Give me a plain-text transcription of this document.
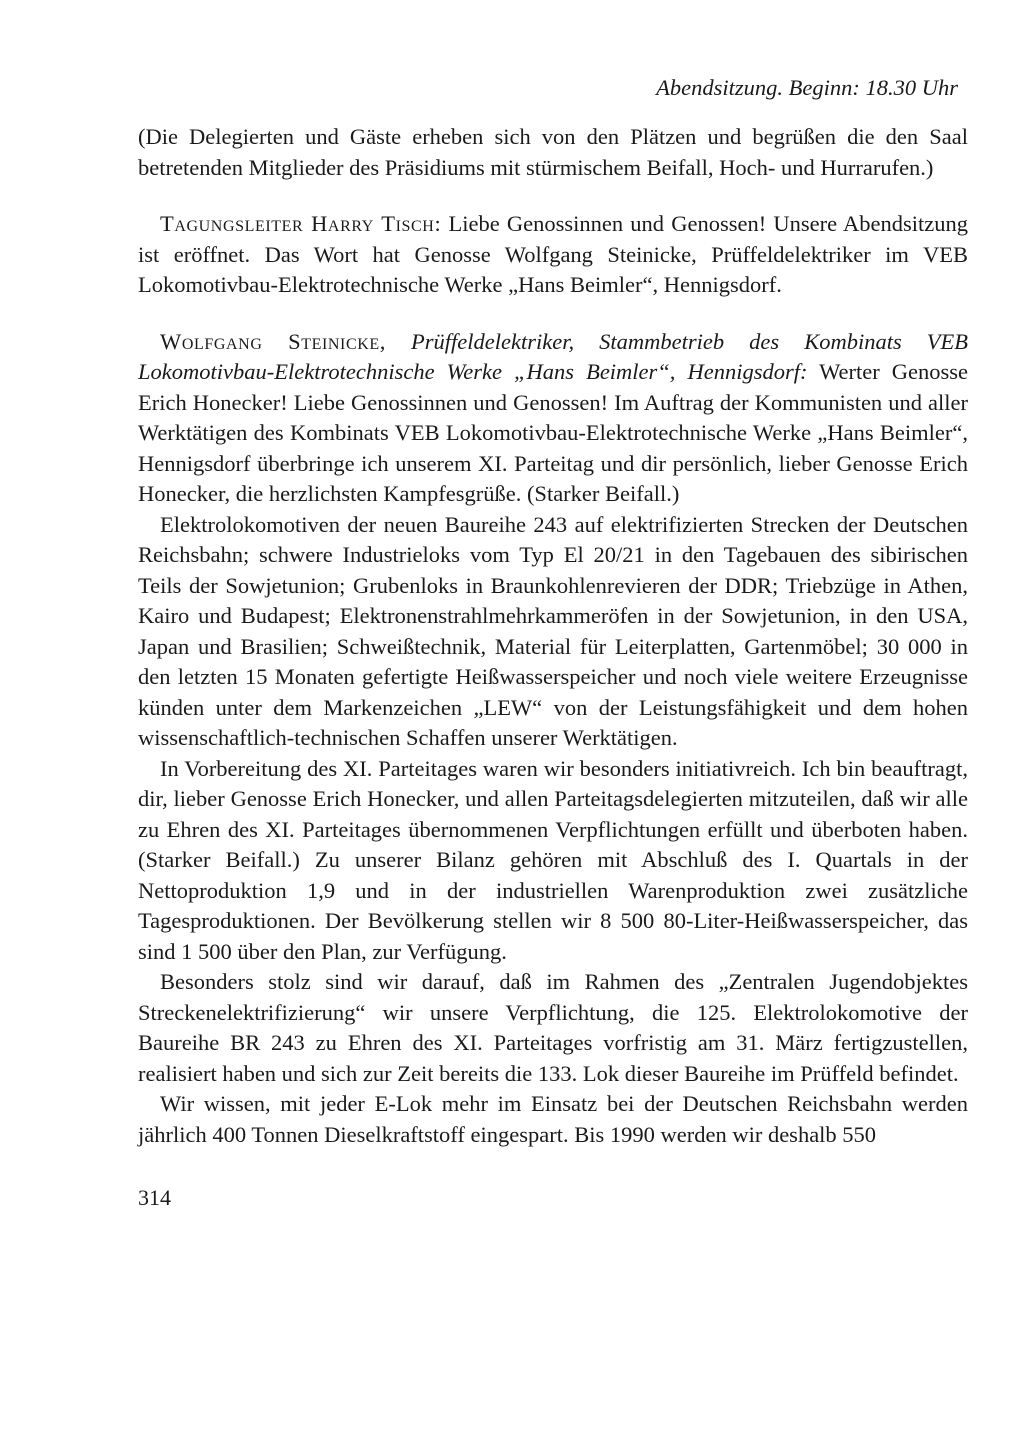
Abendsitzung. Beginn: 18.30 Uhr

(Die Delegierten und Gäste erheben sich von den Plätzen und begrüßen die den Saal betretenden Mitglieder des Präsidiums mit stürmischem Beifall, Hoch- und Hurrarufen.)

Tagungsleiter Harry Tisch: Liebe Genossinnen und Genossen! Unsere Abendsitzung ist eröffnet. Das Wort hat Genosse Wolfgang Steinicke, Prüffeldelektriker im VEB Lokomotivbau-Elektrotechnische Werke „Hans Beimler“, Hennigsdorf.

Wolfgang Steinicke, Prüffeldelektriker, Stammbetrieb des Kombinats VEB Lokomotivbau-Elektrotechnische Werke „Hans Beimler“, Hennigsdorf: Werter Genosse Erich Honecker! Liebe Genossinnen und Genossen! Im Auftrag der Kommunisten und aller Werktätigen des Kombinats VEB Lokomotivbau-Elektrotechnische Werke „Hans Beimler“, Hennigsdorf überbringe ich unserem XI. Parteitag und dir persönlich, lieber Genosse Erich Honecker, die herzlichsten Kampfesgrüße. (Starker Beifall.)

Elektrolokomotiven der neuen Baureihe 243 auf elektrifizierten Strecken der Deutschen Reichsbahn; schwere Industrieloks vom Typ El 20/21 in den Tagebauen des sibirischen Teils der Sowjetunion; Grubenloks in Braunkohlenrevieren der DDR; Triebzüge in Athen, Kairo und Budapest; Elektronenstrahlmehrkammeröfen in der Sowjetunion, in den USA, Japan und Brasilien; Schweißtechnik, Material für Leiterplatten, Gartenmöbel; 30 000 in den letzten 15 Monaten gefertigte Heißwasserspeicher und noch viele weitere Erzeugnisse künden unter dem Markenzeichen „LEW“ von der Leistungsfähigkeit und dem hohen wissenschaftlich-technischen Schaffen unserer Werktätigen.

In Vorbereitung des XI. Parteitages waren wir besonders initiativreich. Ich bin beauftragt, dir, lieber Genosse Erich Honecker, und allen Parteitagsdelegierten mitzuteilen, daß wir alle zu Ehren des XI. Parteitages übernommenen Verpflichtungen erfüllt und überboten haben. (Starker Beifall.) Zu unserer Bilanz gehören mit Abschluß des I. Quartals in der Nettoproduktion 1,9 und in der industriellen Warenproduktion zwei zusätzliche Tagesproduktionen. Der Bevölkerung stellen wir 8 500 80-Liter-Heißwasserspeicher, das sind 1 500 über den Plan, zur Verfügung.

Besonders stolz sind wir darauf, daß im Rahmen des „Zentralen Jugendobjektes Streckenelektrifizierung“ wir unsere Verpflichtung, die 125. Elektrolokomotive der Baureihe BR 243 zu Ehren des XI. Parteitages vorfristig am 31. März fertigzustellen, realisiert haben und sich zur Zeit bereits die 133. Lok dieser Baureihe im Prüffeld befindet.

Wir wissen, mit jeder E-Lok mehr im Einsatz bei der Deutschen Reichsbahn werden jährlich 400 Tonnen Dieselkraftstoff eingespart. Bis 1990 werden wir deshalb 550

314
